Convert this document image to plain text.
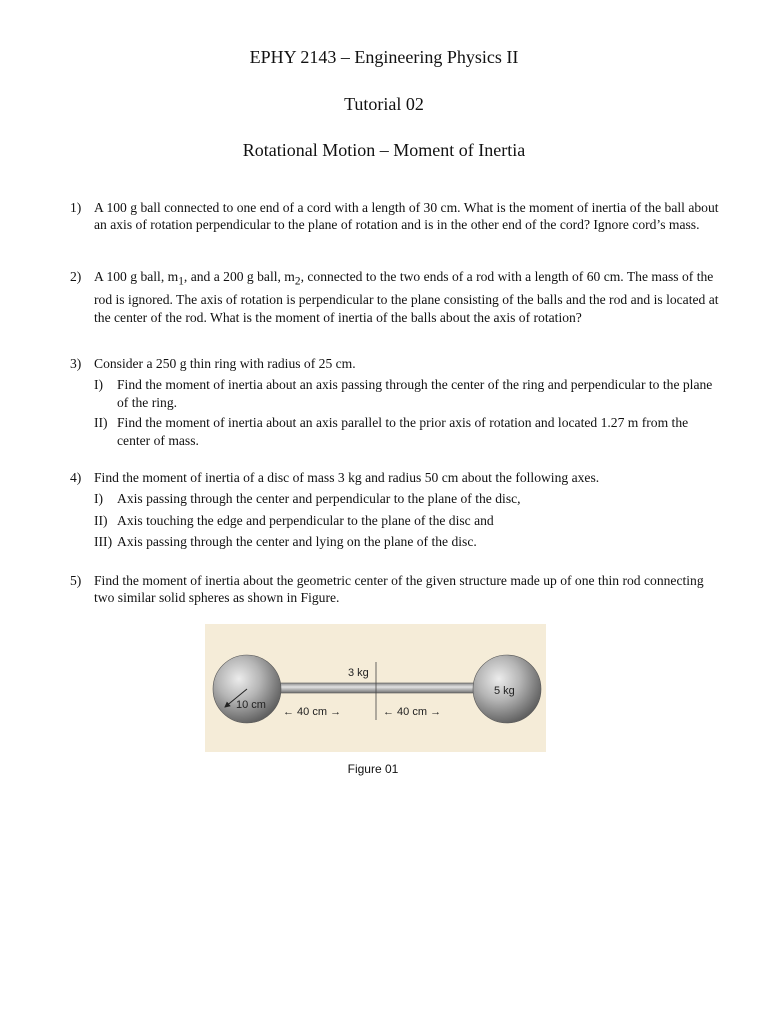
EPHY 2143 – Engineering Physics II
Tutorial 02
Rotational Motion – Moment of Inertia
1) A 100 g ball connected to one end of a cord with a length of 30 cm. What is the moment of inertia of the ball about an axis of rotation perpendicular to the plane of rotation and is in the other end of the cord? Ignore cord’s mass.
2) A 100 g ball, $m_1$, and a 200 g ball, $m_2$, connected to the two ends of a rod with a length of 60 cm. The mass of the rod is ignored. The axis of rotation is perpendicular to the plane consisting of the balls and the rod and is located at the center of the rod. What is the moment of inertia of the balls about the axis of rotation?
3) Consider a 250 g thin ring with radius of 25 cm.
I)	Find the moment of inertia about an axis passing through the center of the ring and perpendicular to the plane of the ring.
II) Find the moment of inertia about an axis parallel to the prior axis of rotation and located 1.27 m from the center of mass.
4) Find the moment of inertia of a disc of mass 3 kg and radius 50 cm about the following axes.
I)	Axis passing through the center and perpendicular to the plane of the disc,
II) Axis touching the edge and perpendicular to the plane of the disc and
III) Axis passing through the center and lying on the plane of the disc.
5) Find the moment of inertia about the geometric center of the given structure made up of one thin rod connecting two similar solid spheres as shown in Figure.
3 kg
5 kg
10 cm
← 40 cm →	← 40 cm →
Figure 01
